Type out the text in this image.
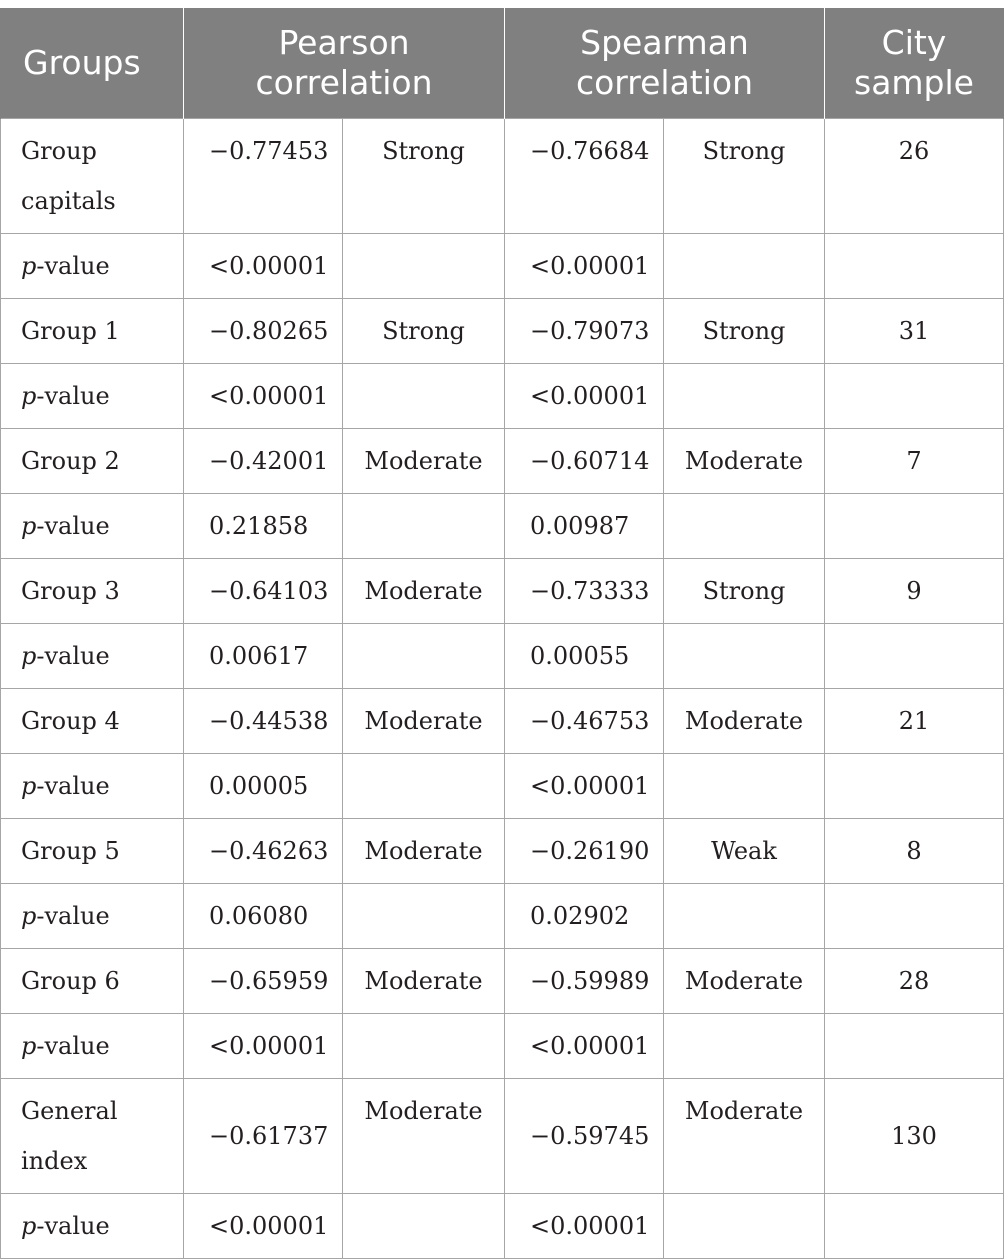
Groups	Pearson correlation		Spearman correlation		City sample
Group capitals	−0.77453	Strong	−0.76684	Strong	26
p-value	<0.00001		<0.00001		
Group 1	−0.80265	Strong	−0.79073	Strong	31
p-value	<0.00001		<0.00001		
Group 2	−0.42001	Moderate	−0.60714	Moderate	7
p-value	0.21858		0.00987		
Group 3	−0.64103	Moderate	−0.73333	Strong	9
p-value	0.00617		0.00055		
Group 4	−0.44538	Moderate	−0.46753	Moderate	21
p-value	0.00005		<0.00001		
Group 5	−0.46263	Moderate	−0.26190	Weak	8
p-value	0.06080		0.02902		
Group 6	−0.65959	Moderate	−0.59989	Moderate	28
p-value	<0.00001		<0.00001		
General index	−0.61737	Moderate	−0.59745	Moderate	130
p-value	<0.00001		<0.00001		
